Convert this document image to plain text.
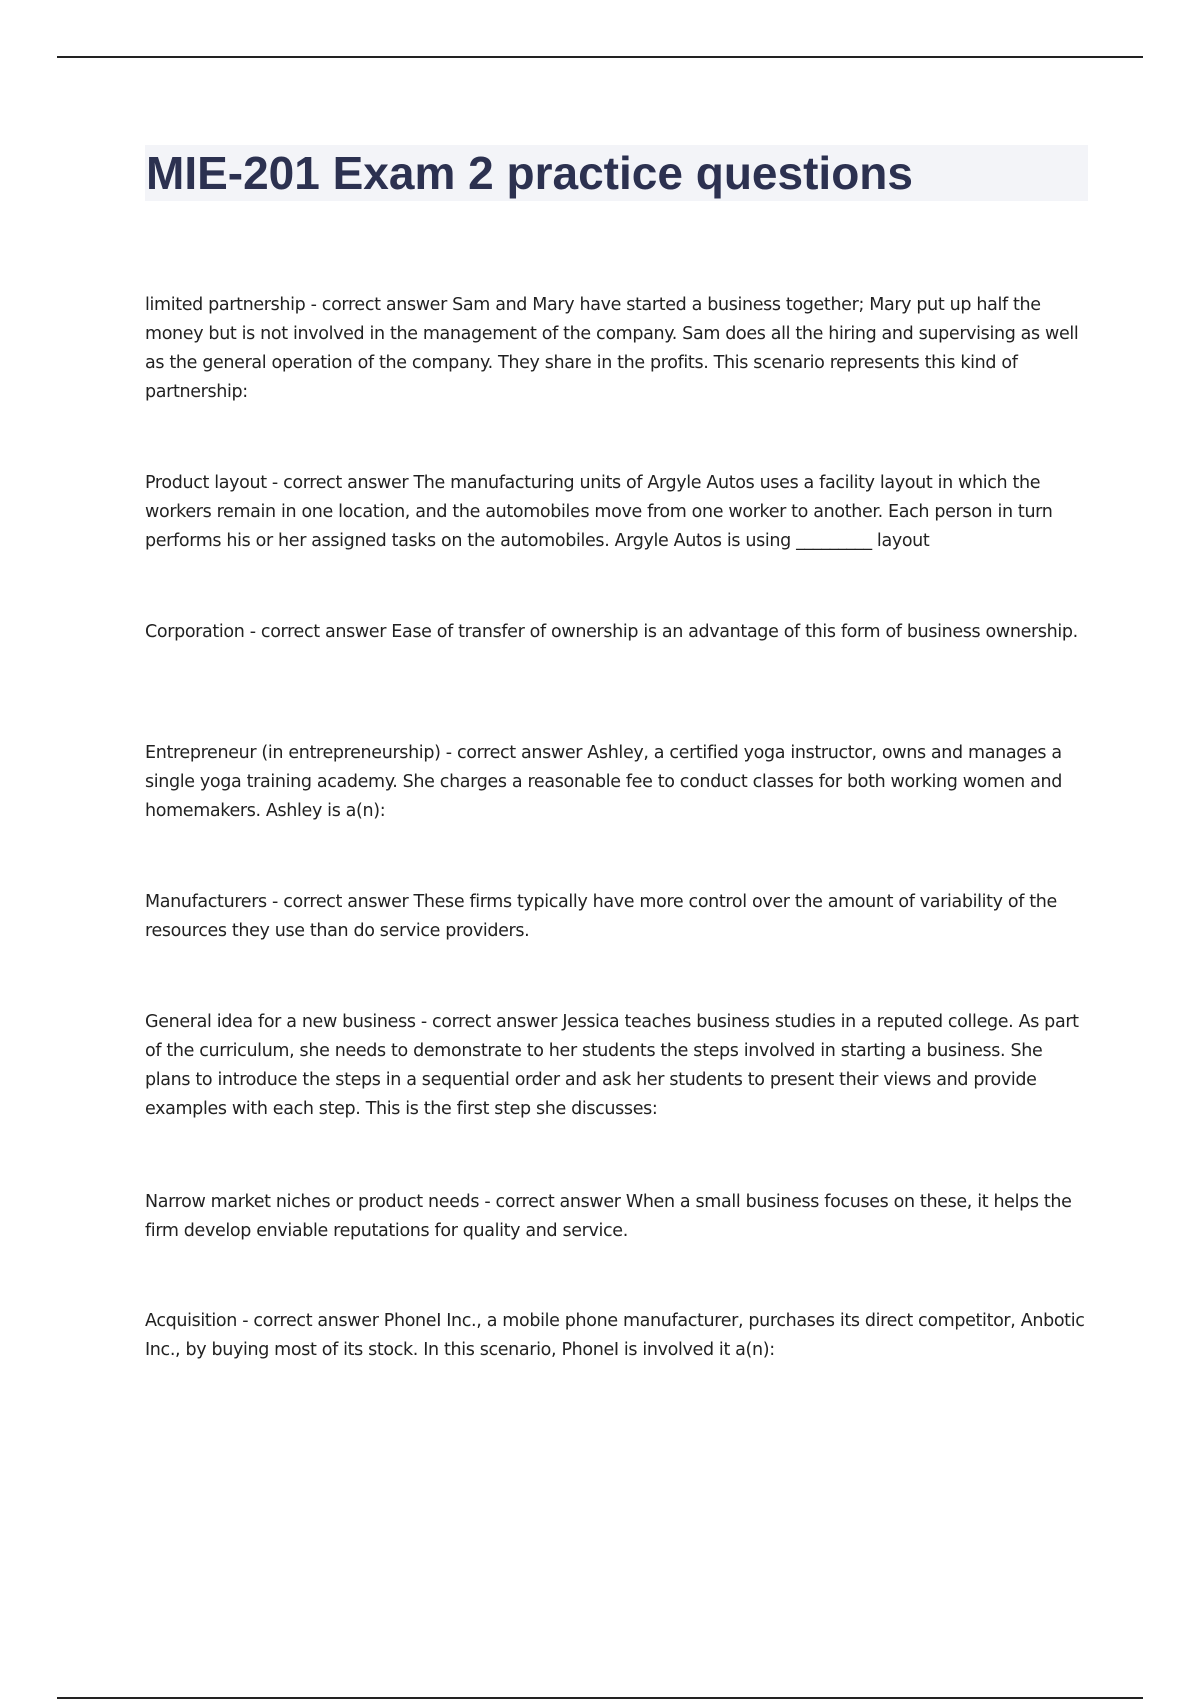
MIE-201 Exam 2 practice questions

limited partnership - correct answer Sam and Mary have started a business together; Mary put up half the money but is not involved in the management of the company. Sam does all the hiring and supervising as well as the general operation of the company. They share in the profits. This scenario represents this kind of partnership:

Product layout - correct answer The manufacturing units of Argyle Autos uses a facility layout in which the workers remain in one location, and the automobiles move from one worker to another. Each person in turn performs his or her assigned tasks on the automobiles. Argyle Autos is using _________ layout

Corporation - correct answer Ease of transfer of ownership is an advantage of this form of business ownership.

Entrepreneur (in entrepreneurship) - correct answer Ashley, a certified yoga instructor, owns and manages a single yoga training academy. She charges a reasonable fee to conduct classes for both working women and homemakers. Ashley is a(n):

Manufacturers - correct answer These firms typically have more control over the amount of variability of the resources they use than do service providers.

General idea for a new business - correct answer Jessica teaches business studies in a reputed college. As part of the curriculum, she needs to demonstrate to her students the steps involved in starting a business. She plans to introduce the steps in a sequential order and ask her students to present their views and provide examples with each step. This is the first step she discusses:

Narrow market niches or product needs - correct answer When a small business focuses on these, it helps the firm develop enviable reputations for quality and service.

Acquisition - correct answer PhoneI Inc., a mobile phone manufacturer, purchases its direct competitor, Anbotic Inc., by buying most of its stock. In this scenario, PhoneI is involved it a(n):
